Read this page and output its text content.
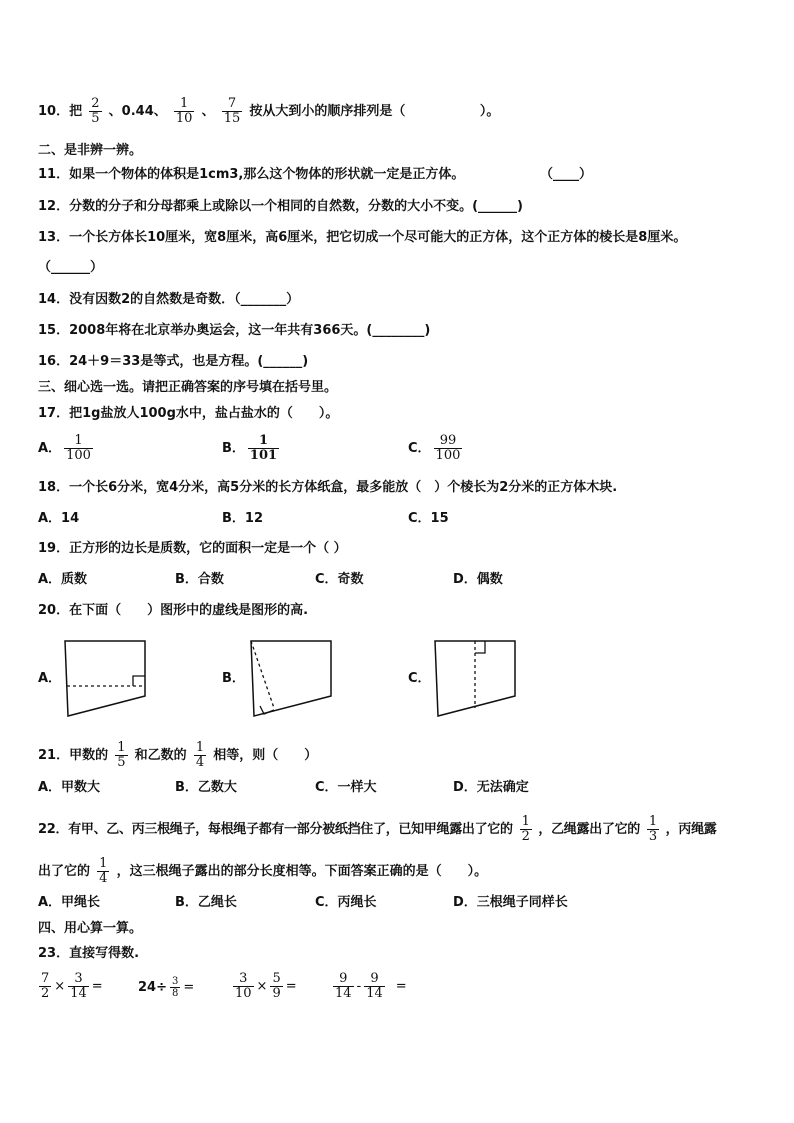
10．把 $\frac{2}{5}$ 、0.44、 $\frac{1}{10}$ 、 $\frac{7}{15}$ 按从大到小的顺序排列是（	）。
二、是非辨一辨。
11．如果一个物体的体积是1cm3,那么这个物体的形状就一定是正方体。	（____）
12．分数的分子和分母都乘上或除以一个相同的自然数，分数的大小不变。(______)
13．一个长方体长10厘米，宽8厘米，高6厘米，把它切成一个尽可能大的正方体，这个正方体的棱长是8厘米。
（______）
14．没有因数2的自然数是奇数．（_______）
15．2008年将在北京举办奥运会，这一年共有366天。(________)
16．24＋9＝33是等式，也是方程。(______)
三、细心选一选。请把正确答案的序号填在括号里。
17．把1g盐放人100g水中，盐占盐水的（　　）。
A． $\frac{1}{100}$	B． $\frac{1}{101}$	C． $\frac{99}{100}$
18．一个长6分米，宽4分米，高5分米的长方体纸盒，最多能放（　）个棱长为2分米的正方体木块.
A．14	B．12	C．15
19．正方形的边长是质数，它的面积一定是一个（ ）
A．质数	B．合数	C．奇数	D．偶数
20．在下面（　　）图形中的虚线是图形的高.
A．	B．	C．
21．甲数的 $\frac{1}{5}$ 和乙数的 $\frac{1}{4}$ 相等，则（　　）
A．甲数大	B．乙数大	C．一样大	D．无法确定
22．有甲、乙、丙三根绳子，每根绳子都有一部分被纸挡住了，已知甲绳露出了它的 $\frac{1}{2}$ ，乙绳露出了它的 $\frac{1}{3}$ ，丙绳露
出了它的 $\frac{1}{4}$ ，这三根绳子露出的部分长度相等。下面答案正确的是（　　）。
A．甲绳长	B．乙绳长	C．丙绳长	D．三根绳子同样长
四、用心算一算。
23．直接写得数.
$\frac{7}{2} \times \frac{3}{14}$ =	$24\div \frac{3}{8}$ =	$\frac{3}{10} \times \frac{5}{9}$ =	$\frac{9}{14} - \frac{9}{14}$ =
